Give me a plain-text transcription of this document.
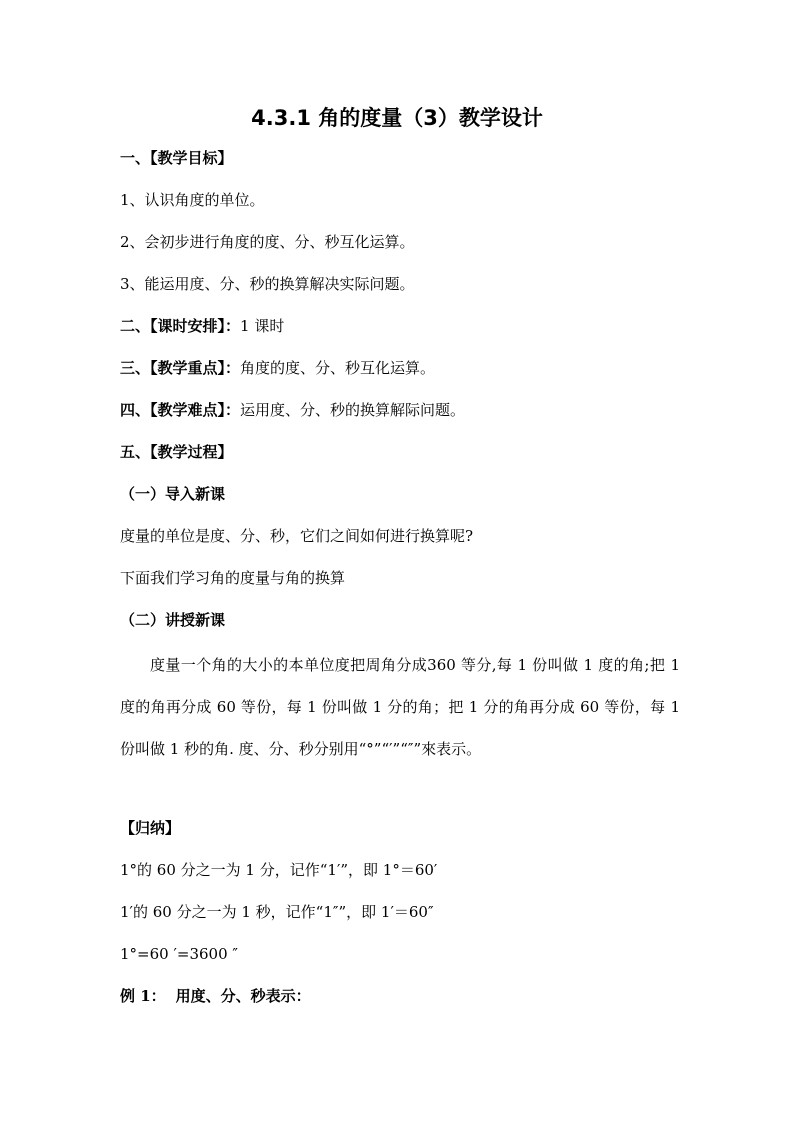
4.3.1 角的度量（3）教学设计
一、【教学目标】
1、认识角度的单位。
2、会初步进行角度的度、分、秒互化运算。
3、能运用度、分、秒的换算解决实际问题。
二、【课时安排】：1 课时
三、【教学重点】：角度的度、分、秒互化运算。
四、【教学难点】：运用度、分、秒的换算解际问题。
五、【教学过程】
（一）导入新课
度量的单位是度、分、秒，它们之间如何进行换算呢?
下面我们学习角的度量与角的换算
（二）讲授新课
度量一个角的大小的本单位度把周角分成360 等分,每 1 份叫做 1 度的角;把 1 度的角再分成 60 等份，每 1 份叫做 1 分的角；把 1 分的角再分成 60 等份，每 1 份叫做 1 秒的角. 度、分、秒分别用“°”“′”“″”來表示。
【归纳】
1°的 60 分之一为 1 分，记作“1′”，即 1°＝60′
1′的 60 分之一为 1 秒，记作“1″”，即 1′＝60″
1°=60 ′=3600 ″
例 1： 用度、分、秒表示：
